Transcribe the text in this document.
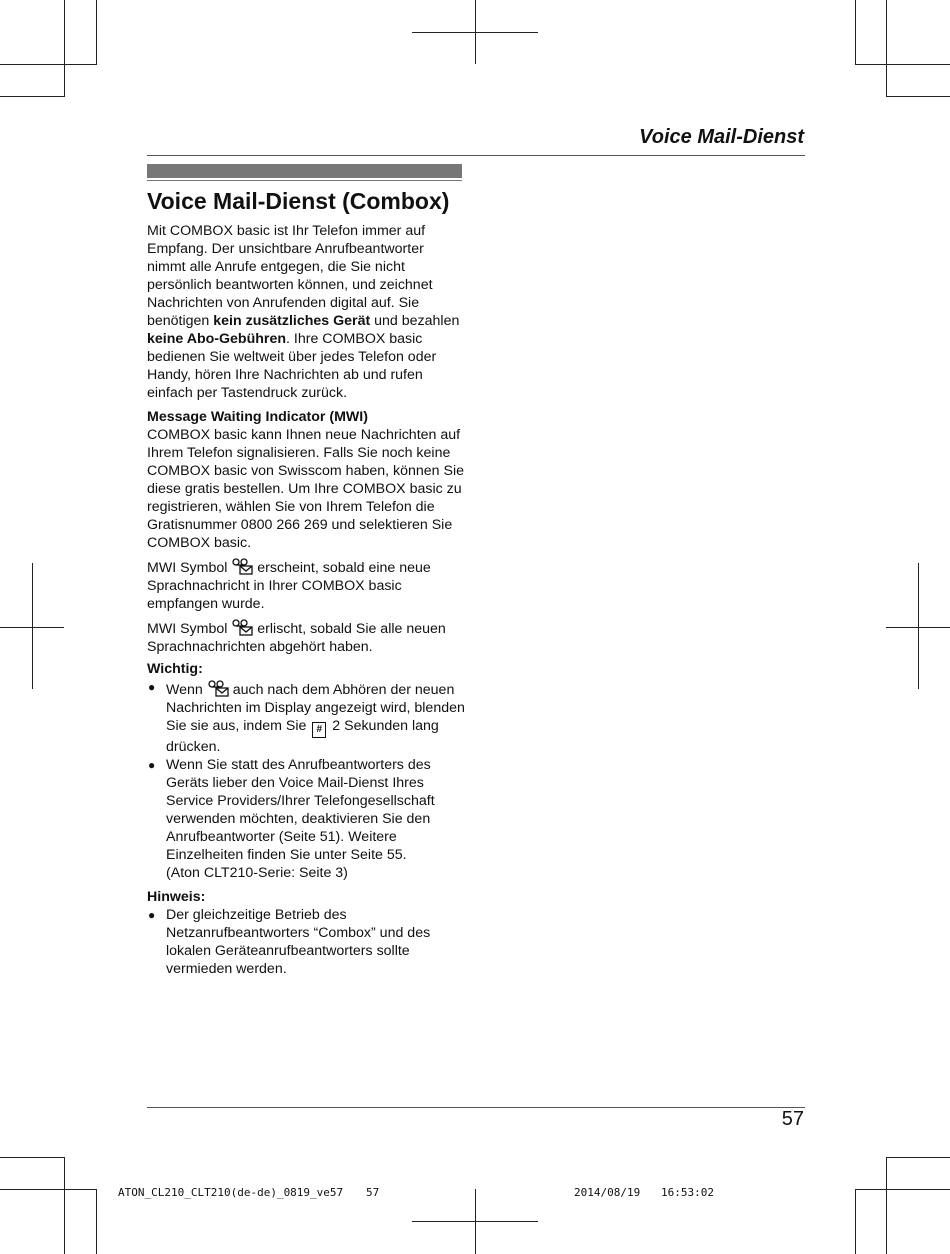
Voice Mail-Dienst
Voice Mail-Dienst (Combox)

Mit COMBOX basic ist Ihr Telefon immer auf Empfang. Der unsichtbare Anrufbeantworter nimmt alle Anrufe entgegen, die Sie nicht persönlich beantworten können, und zeichnet Nachrichten von Anrufenden digital auf. Sie benötigen kein zusätzliches Gerät und bezahlen keine Abo-Gebühren. Ihre COMBOX basic bedienen Sie weltweit über jedes Telefon oder Handy, hören Ihre Nachrichten ab und rufen einfach per Tastendruck zurück.

Message Waiting Indicator (MWI)

COMBOX basic kann Ihnen neue Nachrichten auf Ihrem Telefon signalisieren. Falls Sie noch keine COMBOX basic von Swisscom haben, können Sie diese gratis bestellen. Um Ihre COMBOX basic zu registrieren, wählen Sie von Ihrem Telefon die Gratisnummer 0800 266 269 und selektieren Sie COMBOX basic.

MWI Symbol  erscheint, sobald eine neue Sprachnachricht in Ihrer COMBOX basic empfangen wurde.

MWI Symbol  erlischt, sobald Sie alle neuen Sprachnachrichten abgehört haben.

Wichtig:

● Wenn  auch nach dem Abhören der neuen Nachrichten im Display angezeigt wird, blenden Sie sie aus, indem Sie # 2 Sekunden lang drücken.
● Wenn Sie statt des Anrufbeantworters des Geräts lieber den Voice Mail-Dienst Ihres Service Providers/Ihrer Telefongesellschaft verwenden möchten, deaktivieren Sie den Anrufbeantworter (Seite 51). Weitere Einzelheiten finden Sie unter Seite 55.
(Aton CLT210-Serie: Seite 3)

Hinweis:

● Der gleichzeitige Betrieb des Netzanrufbeantworters “Combox” und des lokalen Geräteanrufbeantworters sollte vermieden werden.
57
ATON_CL210_CLT210(de-de)_0819_ve57 57	2014/08/19 16:53:02
